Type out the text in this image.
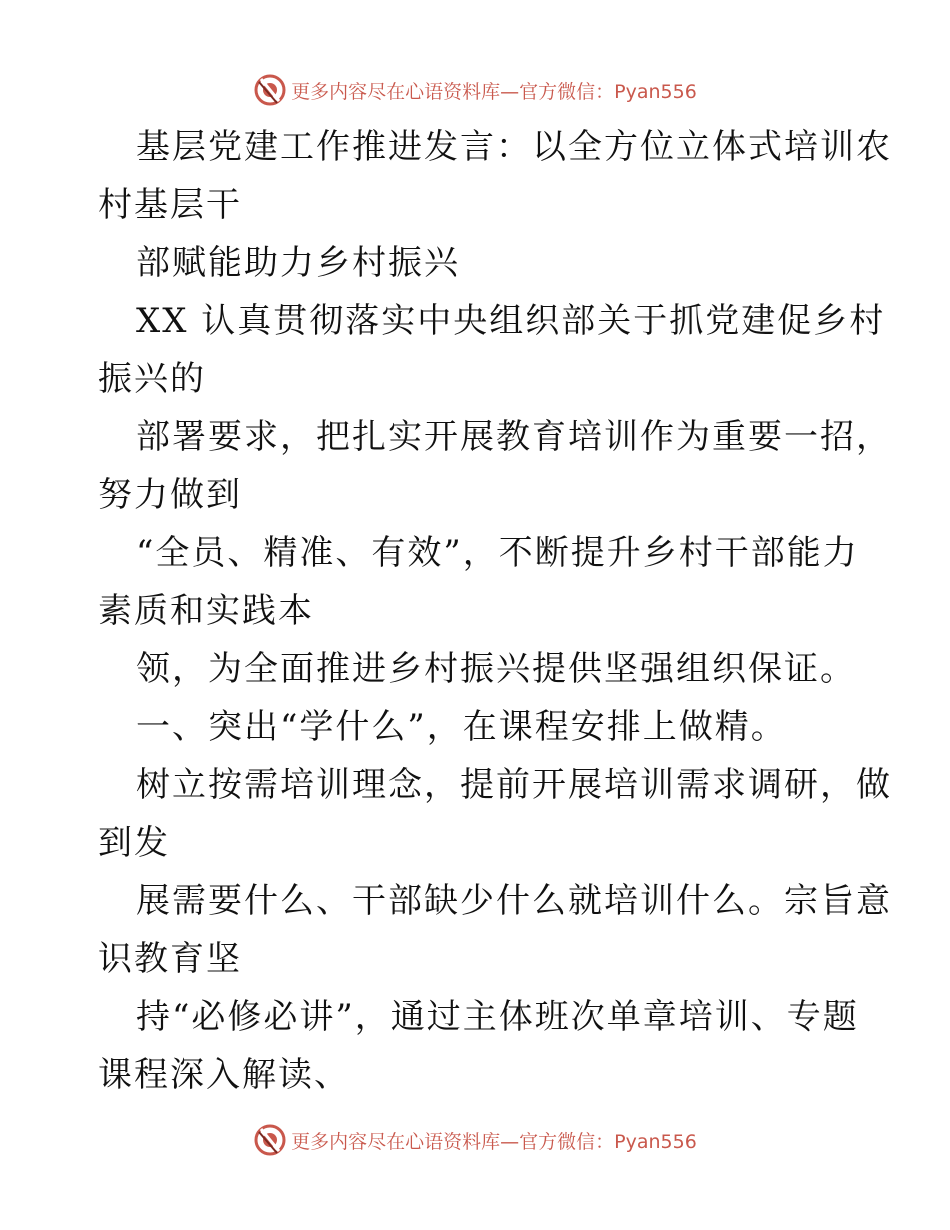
更多内容尽在心语资料库—官方微信：Pyan556
基层党建工作推进发言：以全方位立体式培训农
村基层干
部赋能助力乡村振兴
XX 认真贯彻落实中央组织部关于抓党建促乡村
振兴的
部署要求，把扎实开展教育培训作为重要一招，
努力做到
“全员、精准、有效”，不断提升乡村干部能力
素质和实践本
领，为全面推进乡村振兴提供坚强组织保证。
一、突出“学什么”，在课程安排上做精。
树立按需培训理念，提前开展培训需求调研，做
到发
展需要什么、干部缺少什么就培训什么。宗旨意
识教育坚
持“必修必讲”，通过主体班次单章培训、专题
课程深入解读、
更多内容尽在心语资料库—官方微信：Pyan556
